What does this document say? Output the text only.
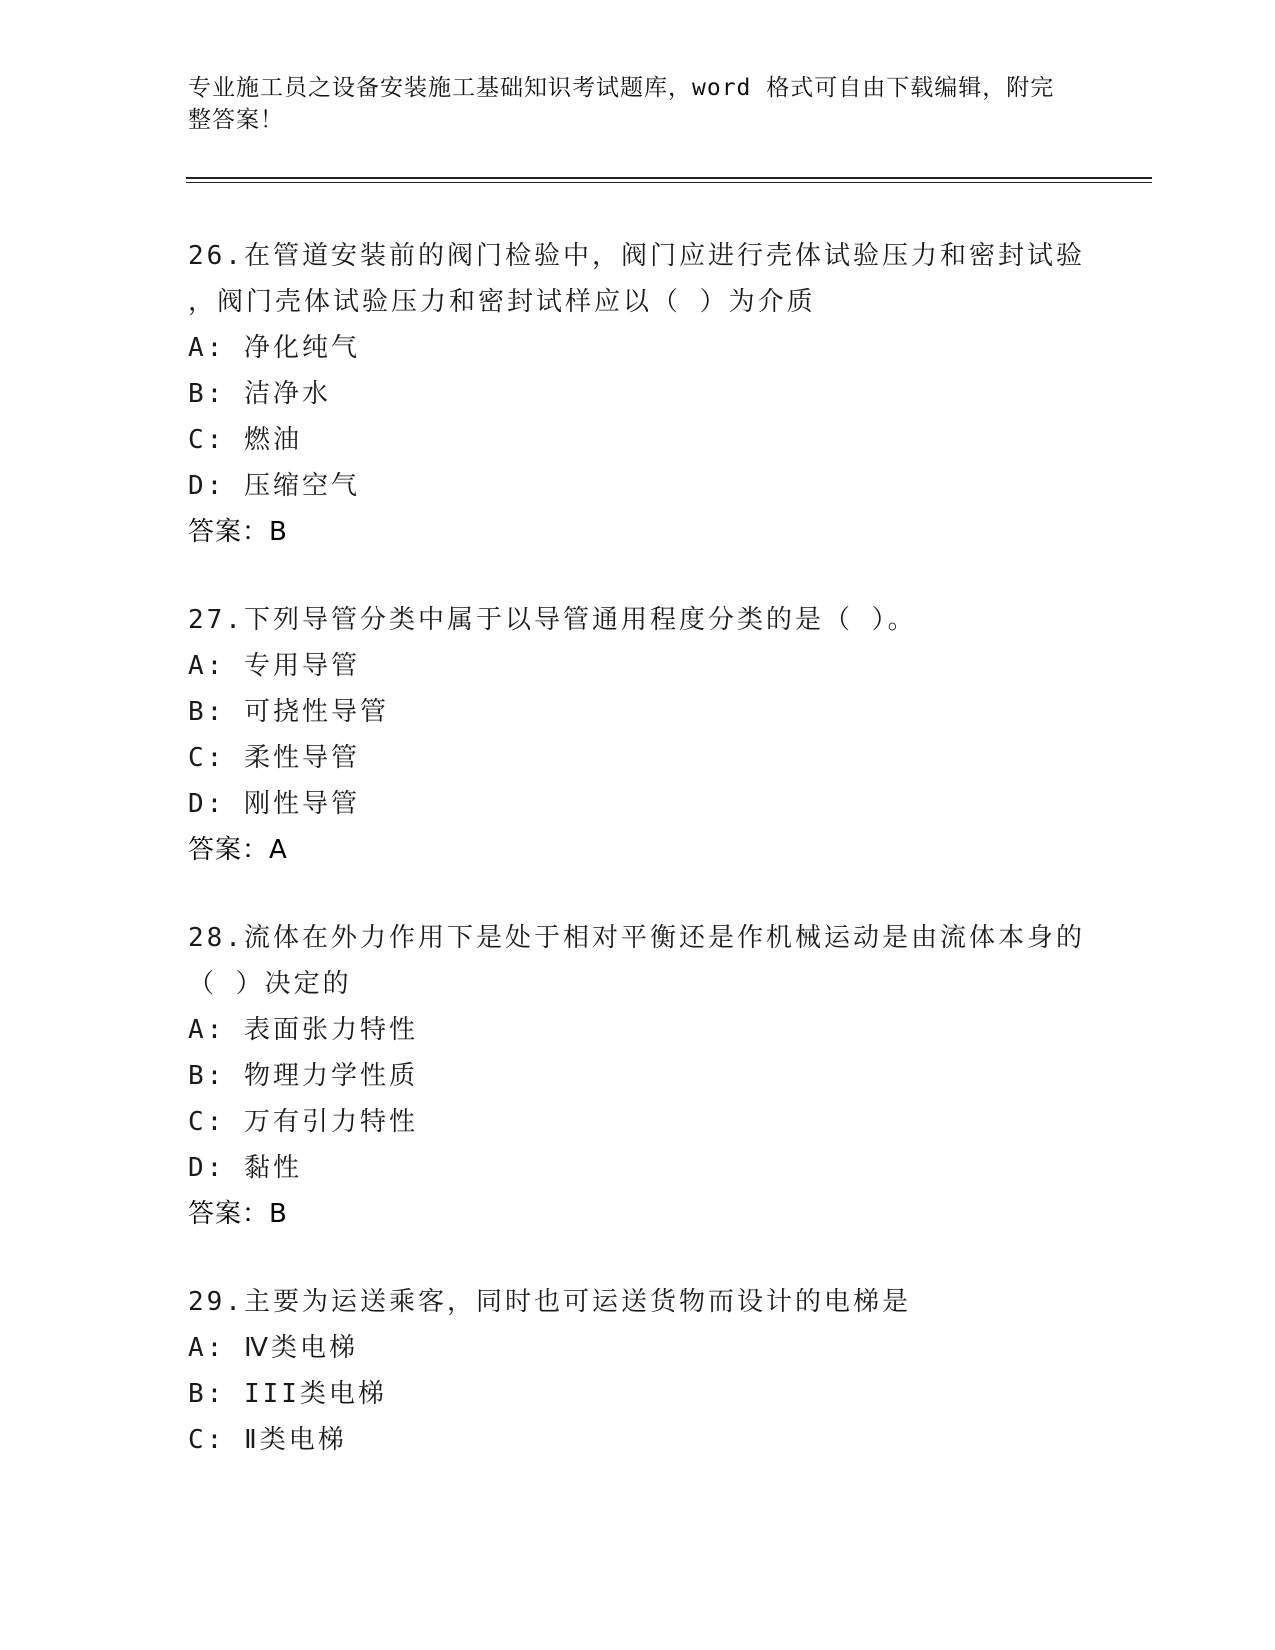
专业施工员之设备安装施工基础知识考试题库，word 格式可自由下载编辑，附完
整答案！
26.在管道安装前的阀门检验中，阀门应进行壳体试验压力和密封试验
，阀门壳体试验压力和密封试样应以（ ）为介质
A: 净化纯气
B: 洁净水
C: 燃油
D: 压缩空气
答案：B
27.下列导管分类中属于以导管通用程度分类的是（ ）。
A: 专用导管
B: 可挠性导管
C: 柔性导管
D: 刚性导管
答案：A
28.流体在外力作用下是处于相对平衡还是作机械运动是由流体本身的
（ ）决定的
A: 表面张力特性
B: 物理力学性质
C: 万有引力特性
D: 黏性
答案：B
29.主要为运送乘客，同时也可运送货物而设计的电梯是
A: Ⅳ类电梯
B: III类电梯
C: Ⅱ类电梯
